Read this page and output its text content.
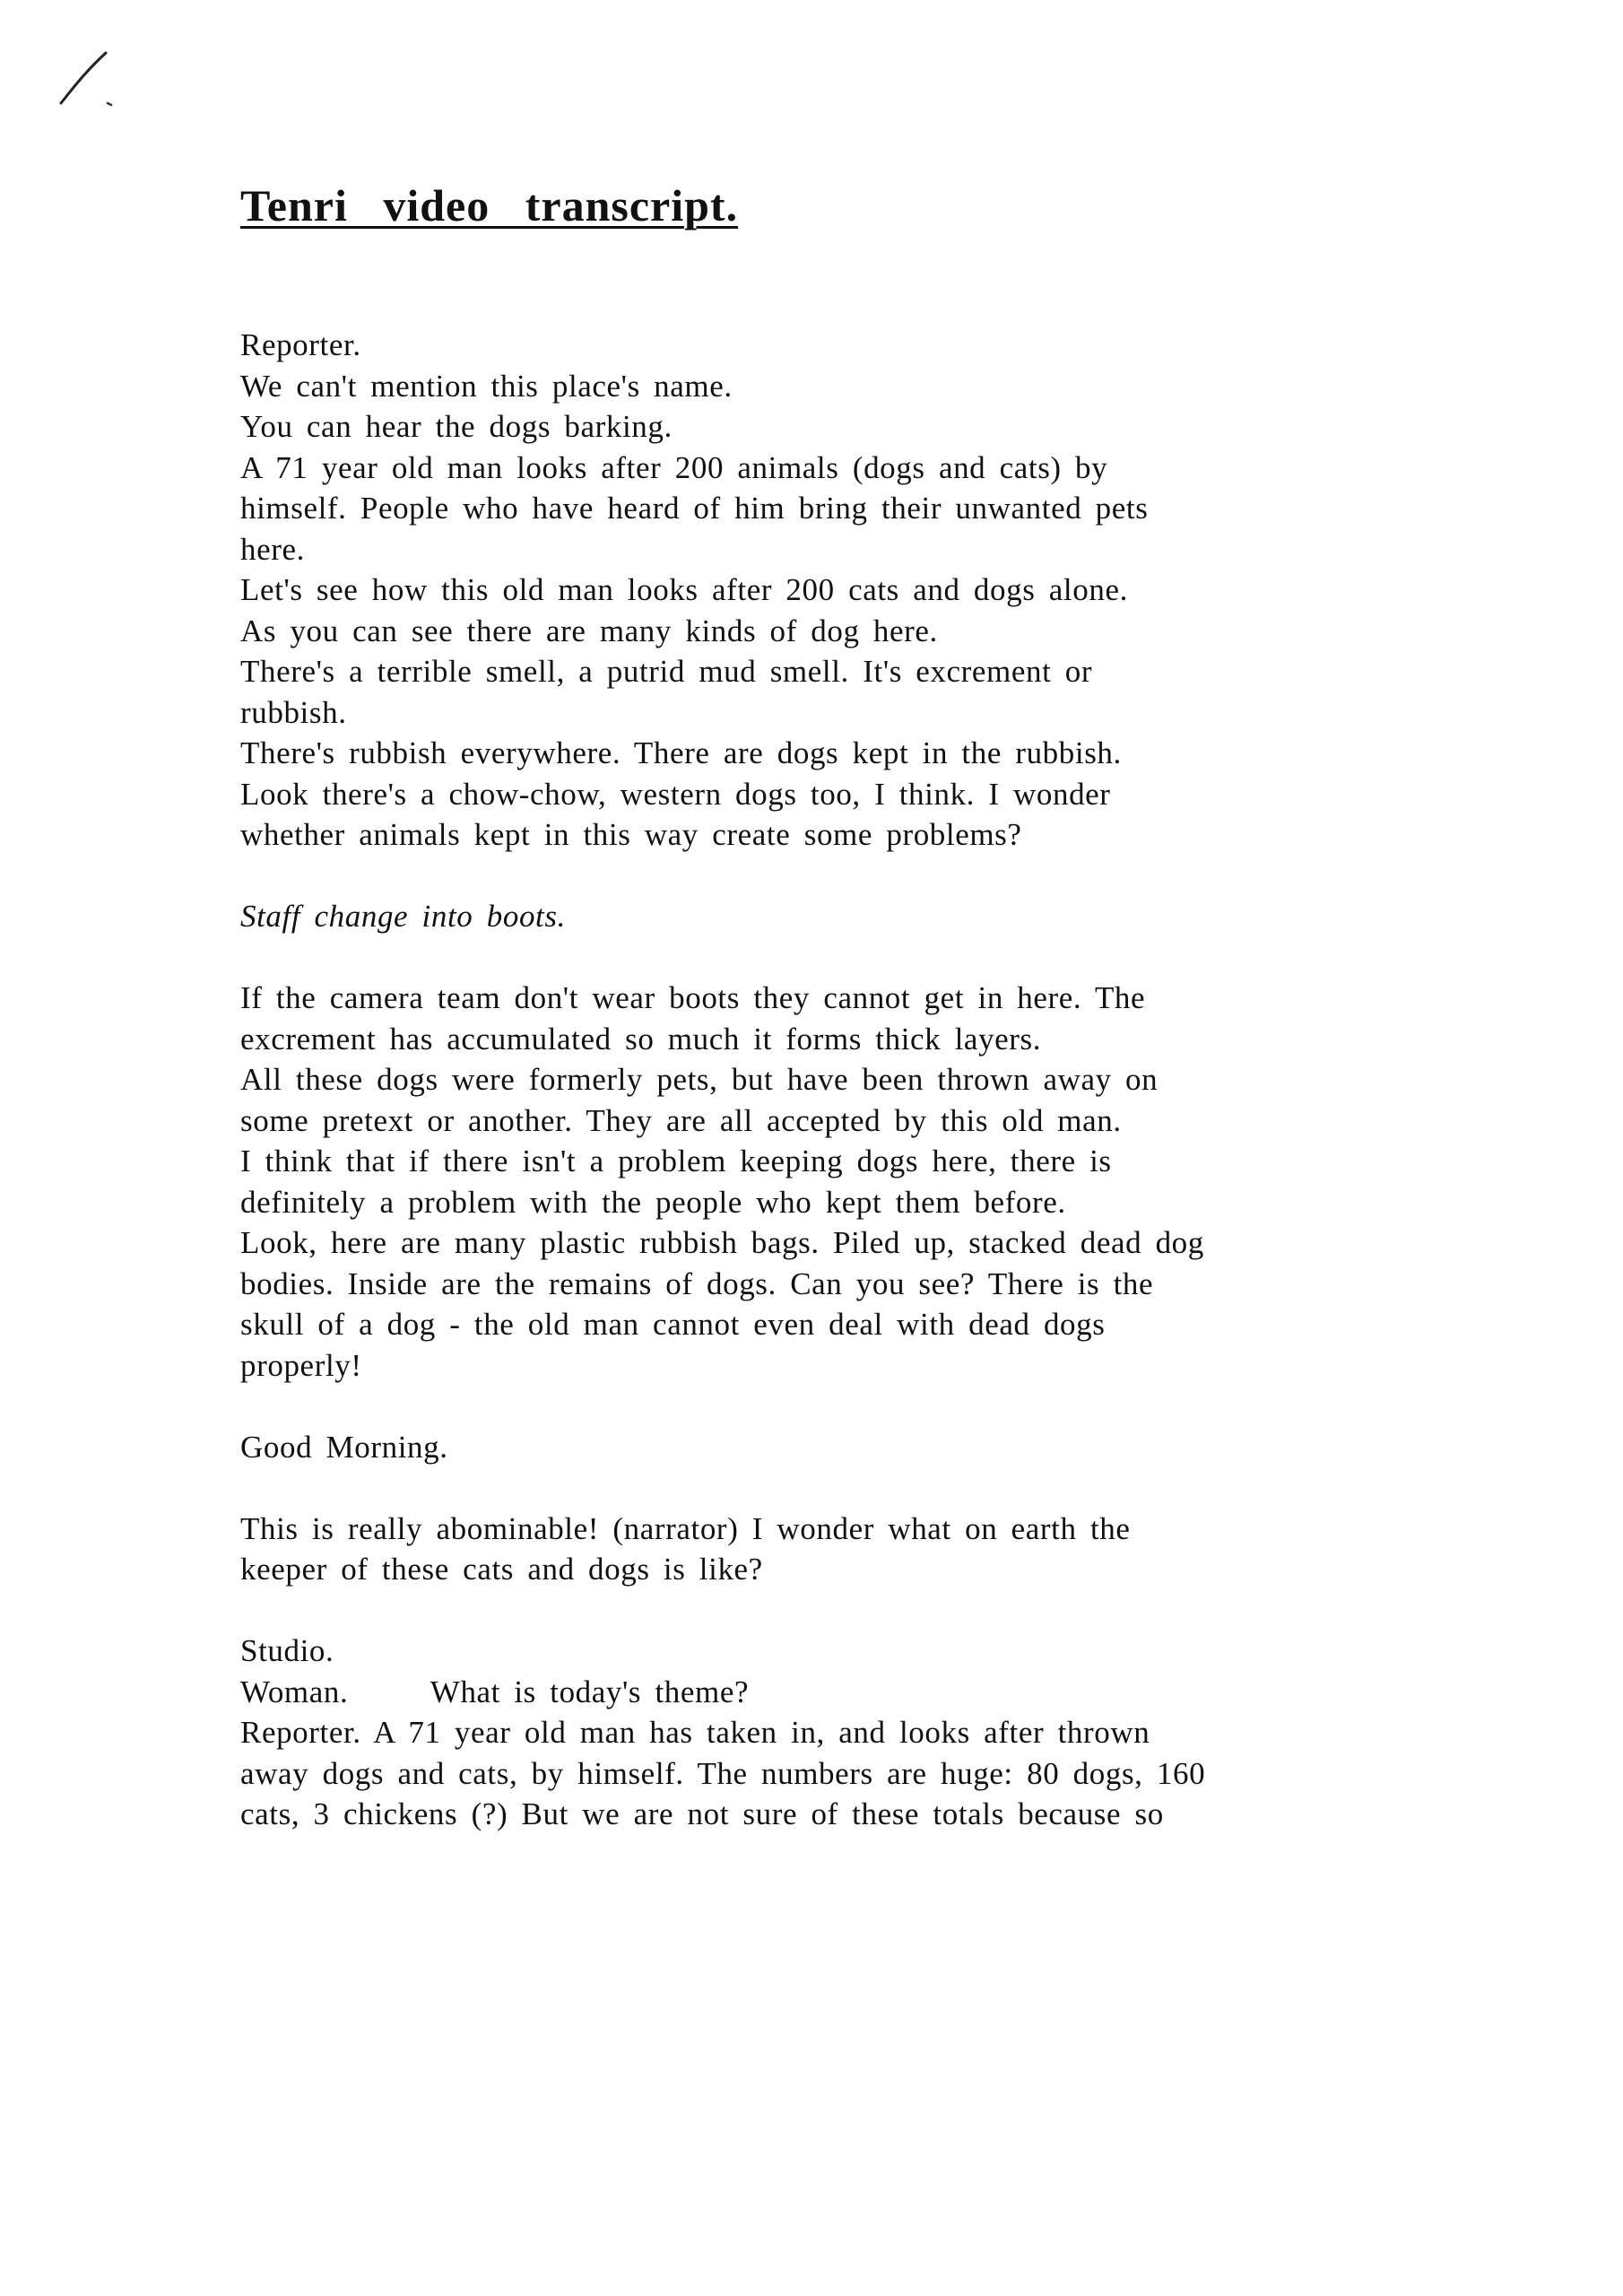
Tenri video transcript.
Reporter.
We can't mention this place's name.
You can hear the dogs barking.
A 71 year old man looks after 200 animals (dogs and cats) by
himself. People who have heard of him bring their unwanted pets
here.
Let's see how this old man looks after 200 cats and dogs alone.
As you can see there are many kinds of dog here.
There's a terrible smell, a putrid mud smell. It's excrement or
rubbish.
There's rubbish everywhere. There are dogs kept in the rubbish.
Look there's a chow-chow, western dogs too, I think. I wonder
whether animals kept in this way create some problems?
Staff change into boots.
If the camera team don't wear boots they cannot get in here. The
excrement has accumulated so much it forms thick layers.
All these dogs were formerly pets, but have been thrown away on
some pretext or another. They are all accepted by this old man.
I think that if there isn't a problem keeping dogs here, there is
definitely a problem with the people who kept them before.
Look, here are many plastic rubbish bags. Piled up, stacked dead dog
bodies. Inside are the remains of dogs. Can you see? There is the
skull of a dog - the old man cannot even deal with dead dogs
properly!
Good Morning.
This is really abominable! (narrator) I wonder what on earth the
keeper of these cats and dogs is like?
Studio.
Woman.      What is today's theme?
Reporter. A 71 year old man has taken in, and looks after thrown
away dogs and cats, by himself. The numbers are huge: 80 dogs, 160
cats, 3 chickens (?) But we are not sure of these totals because so
